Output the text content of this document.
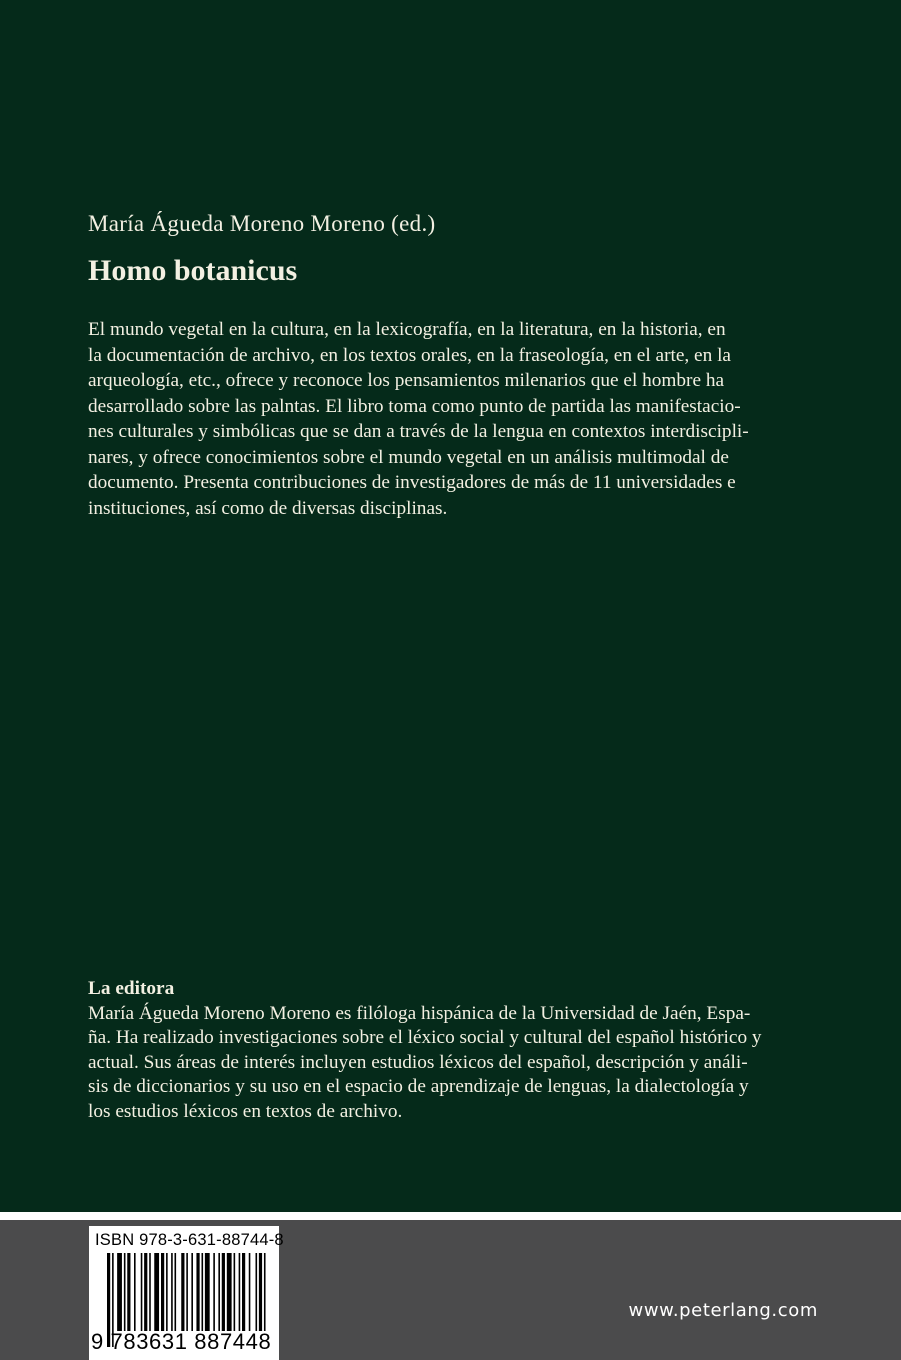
María Águeda Moreno Moreno (ed.)
Homo botanicus
El mundo vegetal en la cultura, en la lexicografía, en la literatura, en la historia, en
la documentación de archivo, en los textos orales, en la fraseología, en el arte, en la
arqueología, etc., ofrece y reconoce los pensamientos milenarios que el hombre ha
desarrollado sobre las palntas. El libro toma como punto de partida las manifestacio-
nes culturales y simbólicas que se dan a través de la lengua en contextos interdiscipli-
nares, y ofrece conocimientos sobre el mundo vegetal en un análisis multimodal de
documento. Presenta contribuciones de investigadores de más de 11 universidades e
instituciones, así como de diversas disciplinas.
La editora
María Águeda Moreno Moreno es filóloga hispánica de la Universidad de Jaén, Espa-
ña. Ha realizado investigaciones sobre el léxico social y cultural del español histórico y
actual. Sus áreas de interés incluyen estudios léxicos del español, descripción y análi-
sis de diccionarios y su uso en el espacio de aprendizaje de lenguas, la dialectología y
los estudios léxicos en textos de archivo.
ISBN 978-3-631-88744-8
9 783631 887448
www.peterlang.com
